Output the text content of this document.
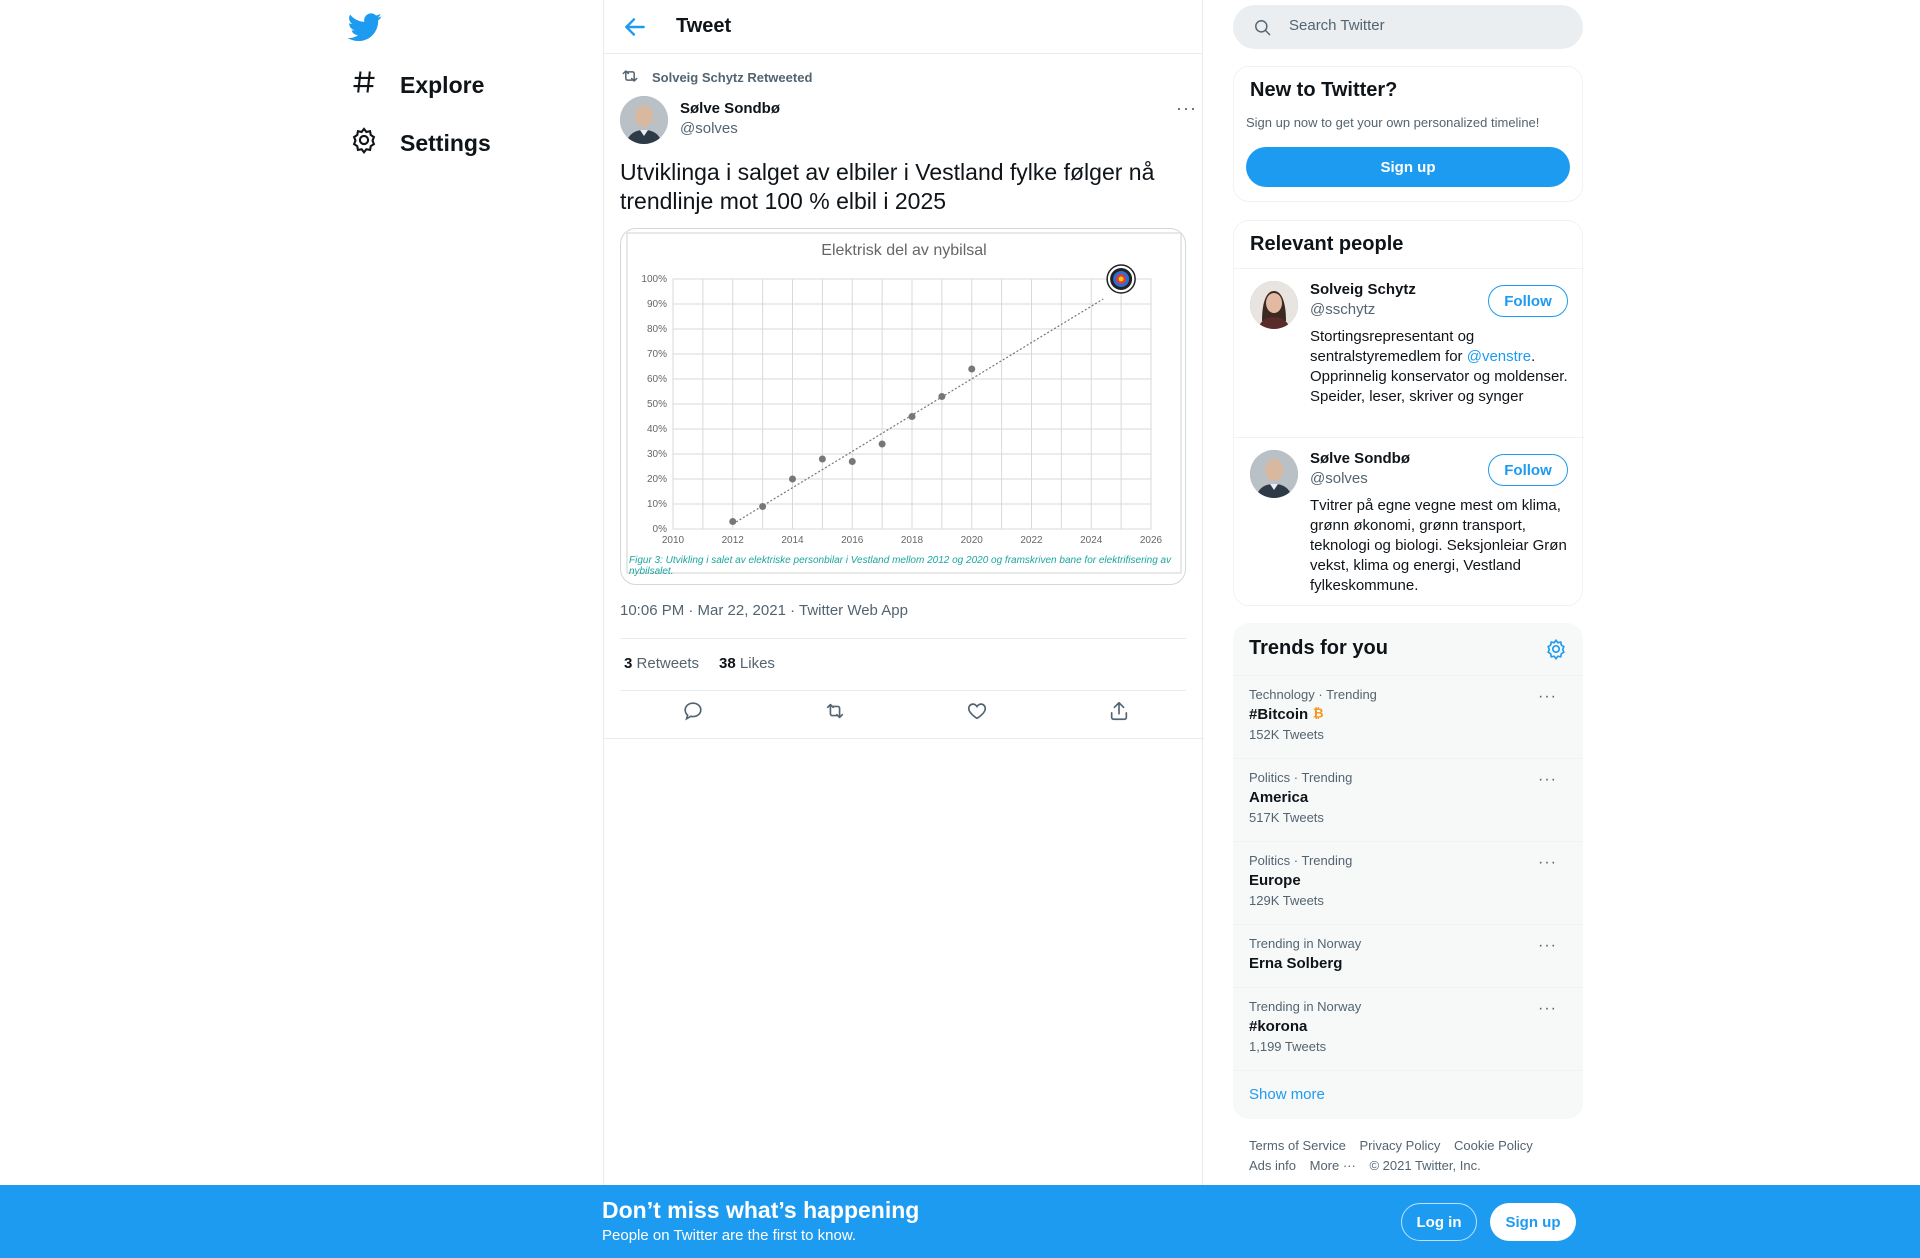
Explore
Settings
Tweet
Solveig Schytz Retweeted
Sølve Sondbø
@solves
···
Utviklinga i salget av elbiler i Vestland fylke følger nå trendlinje mot 100 % elbil i 2025
Elektrisk del av nybilsal
0%
10%
20%
30%
40%
50%
60%
70%
80%
90%
100%
2010	2012	2014	2016	2018	2020	2022	2024	2026
Figur 3: Utvikling i salet av elektriske personbilar i Vestland mellom 2012 og 2020 og framskriven bane for elektrifisering av nybilsalet.
10:06 PM · Mar 22, 2021 · Twitter Web App
3 Retweets 38 Likes
Search Twitter
New to Twitter?
Sign up now to get your own personalized timeline!
Sign up
Relevant people
Solveig Schytz
@sschytz	Follow
Stortingsrepresentant og sentralstyremedlem for @venstre. Opprinnelig konservator og moldenser. Speider, leser, skriver og synger
Sølve Sondbø
@solves	Follow
Tvitrer på egne vegne mest om klima, grønn økonomi, grønn transport, teknologi og biologi. Seksjonleiar Grøn vekst, klima og energi, Vestland fylkeskommune.
Trends for you
Technology · Trending
#Bitcoin ₿
152K Tweets
···
Politics · Trending
America
517K Tweets
···
Politics · Trending
Europe
129K Tweets
···
Trending in Norway
Erna Solberg
···
Trending in Norway
#korona
1,199 Tweets
···
Show more
Terms of Service Privacy Policy Cookie Policy
Ads info More ··· © 2021 Twitter, Inc.
Don’t miss what’s happening
People on Twitter are the first to know.
Log in	Sign up
